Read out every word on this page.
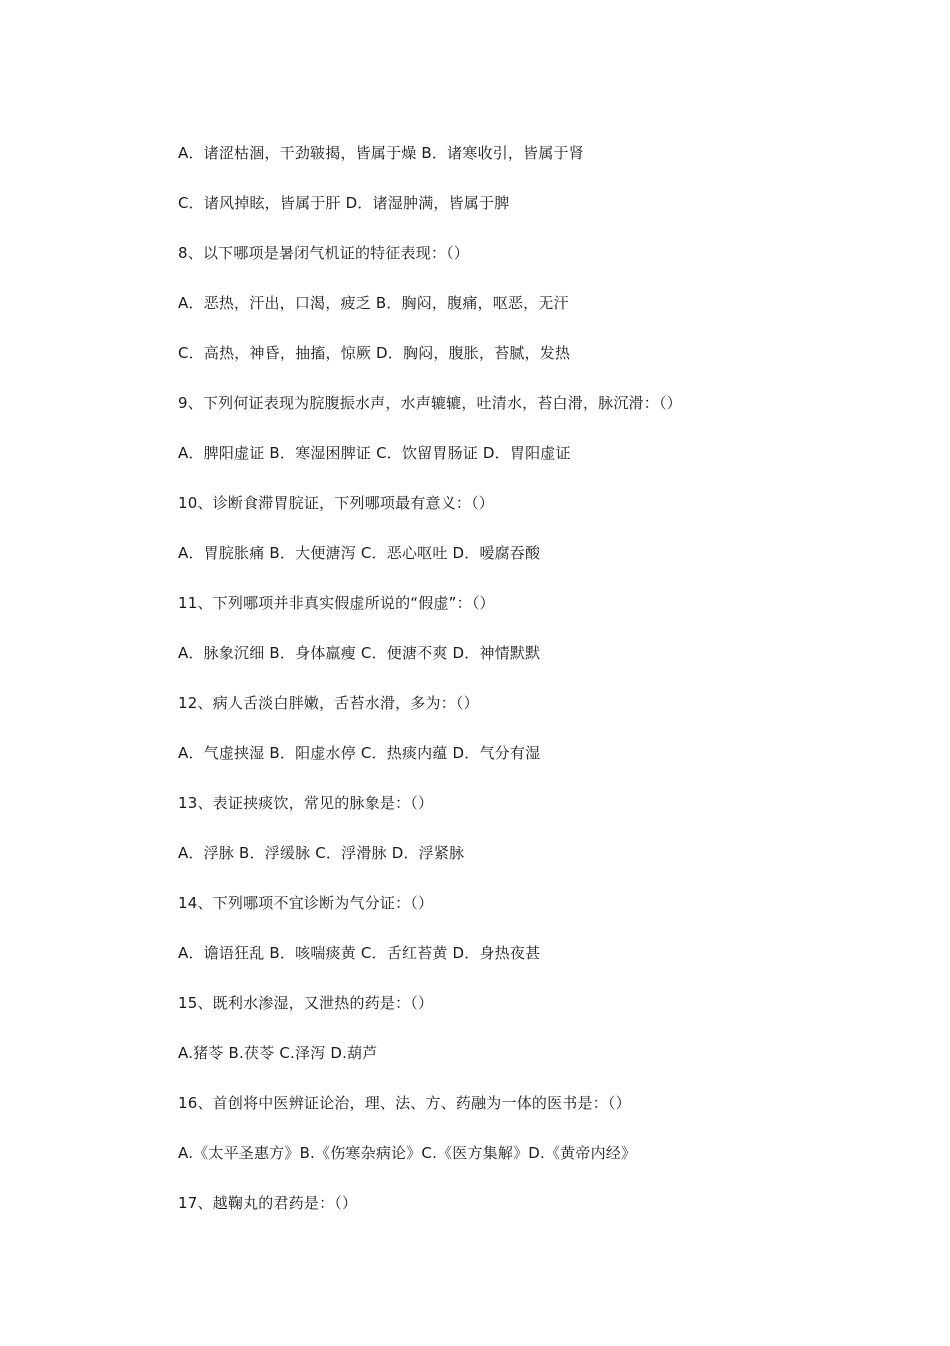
A．诸涩枯涸，干劲皲揭，皆属于燥 B．诸寒收引，皆属于肾
C．诸风掉眩，皆属于肝 D．诸湿肿满，皆属于脾
8、以下哪项是暑闭气机证的特征表现：（）
A．恶热，汗出，口渴，疲乏 B．胸闷，腹痛，呕恶，无汗
C．高热，神昏，抽搐，惊厥 D．胸闷，腹胀，苔腻，发热
9、下列何证表现为脘腹振水声，水声辘辘，吐清水，苔白滑，脉沉滑：（）
A．脾阳虚证 B．寒湿困脾证 C．饮留胃肠证 D．胃阳虚证
10、诊断食滞胃脘证，下列哪项最有意义：（）
A．胃脘胀痛 B．大便溏泻 C．恶心呕吐 D．嗳腐吞酸
11、下列哪项并非真实假虚所说的“假虚”：（）
A．脉象沉细 B．身体羸瘦 C．便溏不爽 D．神情默默
12、病人舌淡白胖嫩，舌苔水滑，多为：（）
A．气虚挟湿 B．阳虚水停 C．热痰内蕴 D．气分有湿
13、表证挟痰饮，常见的脉象是：（）
A．浮脉 B．浮缓脉 C．浮滑脉 D．浮紧脉
14、下列哪项不宜诊断为气分证：（）
A．谵语狂乱 B．咳喘痰黄 C．舌红苔黄 D．身热夜甚
15、既利水渗湿，又泄热的药是：（）
A.猪苓 B.茯苓 C.泽泻 D.葫芦
16、首创将中医辨证论治，理、法、方、药融为一体的医书是：（）
A.《太平圣惠方》B.《伤寒杂病论》C.《医方集解》D.《黄帝内经》
17、越鞠丸的君药是：（）
